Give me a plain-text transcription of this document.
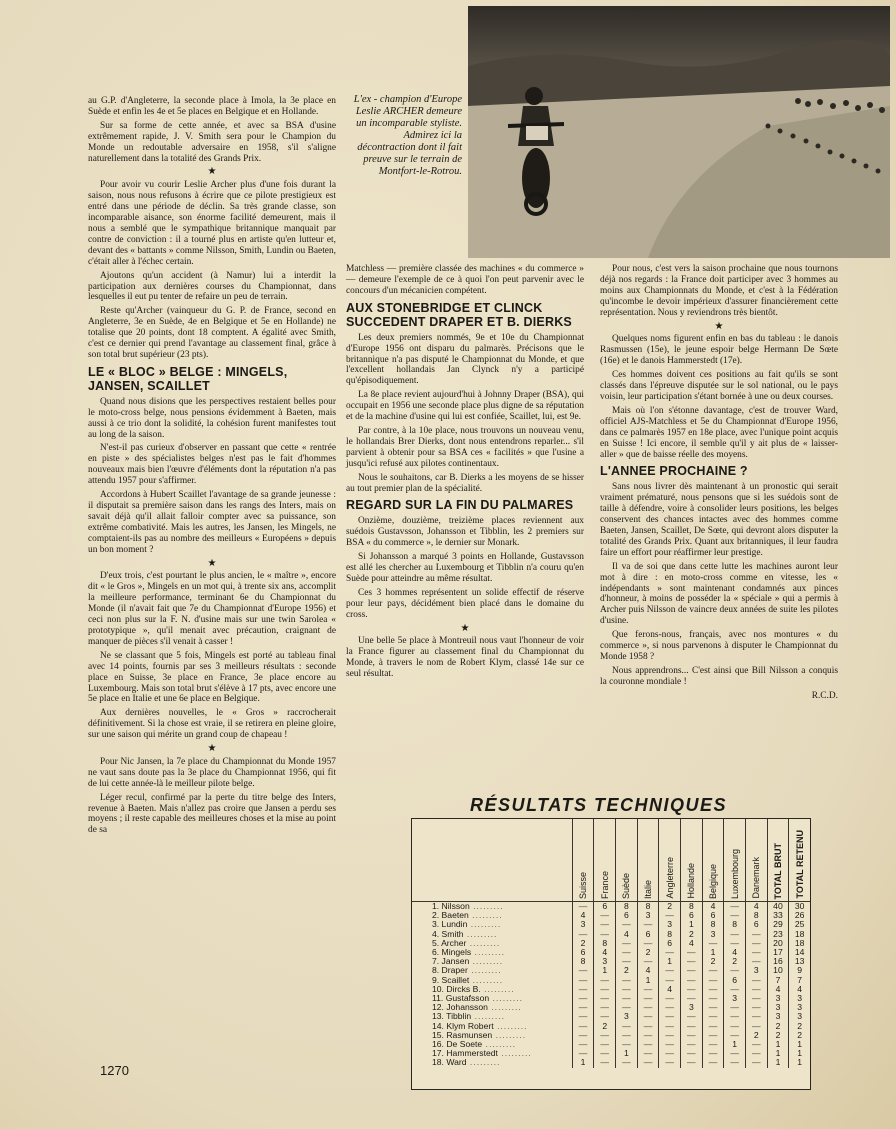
L'ex - champion d'Europe Leslie ARCHER demeure un incomparable styliste. Admirez ici la décontraction dont il fait preuve sur le terrain de Montfort-le-Rotrou.

au G.P. d'Angleterre, la seconde place à Imola, la 3e place en Suède et enfin les 4e et 5e places en Belgique et en Hollande.

Sur sa forme de cette année, et avec sa BSA d'usine extrêmement rapide, J. V. Smith sera pour le Champion du Monde un redoutable adversaire en 1958, s'il s'aligne naturellement dans la totalité des Grands Prix.

★

Pour avoir vu courir Leslie Archer plus d'une fois durant la saison, nous nous refusons à écrire que ce pilote prestigieux est entré dans une période de déclin. Sa très grande classe, son incomparable aisance, son énorme facilité demeurent, mais il nous a semblé que le sympathique britannique manquait par contre de conviction : il a tourné plus en artiste qu'en lutteur et, devant des « battants » comme Nilsson, Smith, Lundin ou Baeten, c'était aller à l'échec certain.

Ajoutons qu'un accident (à Namur) lui a interdit la participation aux dernières courses du Championnat, dans lesquelles il eut pu tenter de refaire un peu de terrain.

Reste qu'Archer (vainqueur du G. P. de France, second en Angleterre, 3e en Suède, 4e en Belgique et 5e en Hollande) ne totalise que 20 points, dont 18 comptent. A égalité avec Smith, c'est ce dernier qui prend l'avantage au classement final, grâce à son total brut supérieur (23 pts).

LE « BLOC » BELGE : MINGELS, JANSEN, SCAILLET

Quand nous disions que les perspectives restaient belles pour le moto-cross belge, nous pensions évidemment à Baeten, mais aussi à ce trio dont la solidité, la cohésion furent manifestes tout au long de la saison.

N'est-il pas curieux d'observer en passant que cette « rentrée en piste » des spécialistes belges n'est pas le fait d'hommes nouveaux mais bien l'œuvre d'éléments dont la réputation n'a pas attendu 1957 pour s'affirmer.

Accordons à Hubert Scaillet l'avantage de sa grande jeunesse : il disputait sa première saison dans les rangs des Inters, mais on savait déjà qu'il allait falloir compter avec sa puissance, son extrême combativité. Mais les autres, les Jansen, les Mingels, ne comptaient-ils pas au nombre des meilleurs « Européens » depuis un bon moment ?

★

D'eux trois, c'est pourtant le plus ancien, le « maître », encore dit « le Gros », Mingels en un mot qui, à trente six ans, accomplit la meilleure performance, terminant 6e du Championnat du Monde (il n'avait fait que 7e du Championnat d'Europe 1956) et ceci non plus sur la F. N. d'usine mais sur une twin Sarolea « prototypique », qu'il menait avec précaution, craignant de manquer de pièces s'il venait à casser !

Ne se classant que 5 fois, Mingels est porté au tableau final avec 14 points, fournis par ses 3 meilleurs résultats : seconde place en Suisse, 3e place en France, 3e place encore au Luxembourg. Mais son total brut s'élève à 17 pts, avec encore une 5e place en Italie et une 6e place en Belgique.

Aux dernières nouvelles, le « Gros » raccrocherait définitivement. Si la chose est vraie, il se retirera en pleine gloire, sur une saison qui mérite un grand coup de chapeau !

★

Pour Nic Jansen, la 7e place du Championnat du Monde 1957 ne vaut sans doute pas la 3e place du Championnat 1956, qui fit de lui cette année-là le meilleur pilote belge.

Léger recul, confirmé par la perte du titre belge des Inters, revenue à Baeten. Mais n'allez pas croire que Jansen a perdu ses moyens ; il reste capable des meilleures choses et la mise au point de sa

Matchless — première classée des machines « du commerce » — demeure l'exemple de ce à quoi l'on peut parvenir avec le concours d'un mécanicien compétent.

AUX STONEBRIDGE ET CLINCK SUCCEDENT DRAPER ET B. DIERKS

Les deux premiers nommés, 9e et 10e du Championnat d'Europe 1956 ont disparu du palmarès. Précisons que le britannique n'a pas disputé le Championnat du Monde, et que l'excellent hollandais Jan Clynck n'y a participé qu'épisodiquement.

La 8e place revient aujourd'hui à Johnny Draper (BSA), qui occupait en 1956 une seconde place plus digne de sa réputation et de la machine d'usine qui lui est confiée, Scaillet, lui, est 9e.

Par contre, à la 10e place, nous trouvons un nouveau venu, le hollandais Brer Dierks, dont nous entendrons reparler... s'il parvient à obtenir pour sa BSA ces « facilités » que l'usine a jusqu'ici refusé aux pilotes continentaux.

Nous le souhaitons, car B. Dierks a les moyens de se hisser au tout premier plan de la spécialité.

REGARD SUR LA FIN DU PALMARES

Onzième, douzième, treizième places reviennent aux suédois Gustavsson, Johansson et Tibblin, les 2 premiers sur BSA « du commerce », le dernier sur Monark.

Si Johansson a marqué 3 points en Hollande, Gustavsson est allé les chercher au Luxembourg et Tibblin n'a couru qu'en Suède pour atteindre au même résultat.

Ces 3 hommes représentent un solide effectif de réserve pour leur pays, décidément bien placé dans le domaine du cross.

★

Une belle 5e place à Montreuil nous vaut l'honneur de voir la France figurer au classement final du Championnat du Monde, à travers le nom de Robert Klym, classé 14e sur ce seul résultat.

Pour nous, c'est vers la saison prochaine que nous tournons déjà nos regards : la France doit participer avec 3 hommes au moins aux Championnats du Monde, et c'est à la Fédération qu'incombe le devoir impérieux d'assurer financièrement cette représentation. Nous y reviendrons très bientôt.

★

Quelques noms figurent enfin en bas du tableau : le danois Rasmussen (15e), le jeune espoir belge Hermann De Sœte (16e) et le danois Hammerstedt (17e).

Ces hommes doivent ces positions au fait qu'ils se sont classés dans l'épreuve disputée sur le sol national, ou le pays voisin, leur participation s'étant bornée à une ou deux courses.

Mais où l'on s'étonne davantage, c'est de trouver Ward, officiel AJS-Matchless et 5e du Championnat d'Europe 1956, dans ce palmarès 1957 en 18e place, avec l'unique point acquis en Suisse ! Ici encore, il semble qu'il y ait plus de « laisser-aller » que de baisse réelle des moyens.

L'ANNEE PROCHAINE ?

Sans nous livrer dès maintenant à un pronostic qui serait vraiment prématuré, nous pensons que si les suédois sont de taille à défendre, voire à consolider leurs positions, les belges conservent des chances intactes avec des hommes comme Baeten, Jansen, Scaillet, De Sœte, qui devront alors disputer la totalité des Grands Prix. Quant aux britanniques, il leur faudra faire un effort pour réaffirmer leur prestige.

Il va de soi que dans cette lutte les machines auront leur mot à dire : en moto-cross comme en vitesse, les « indépendants » sont maintenant condamnés aux pinces d'honneur, à moins de posséder la « spéciale » qui a permis à Archer puis Nilsson de vaincre deux années de suite les pilotes d'usine.

Que ferons-nous, français, avec nos montures « du commerce », si nous parvenons à disputer le Championnat du Monde 1958 ?

Nous apprendrons... C'est ainsi que Bill Nilsson a conquis la couronne mondiale !

R.C.D.

RÉSULTATS TECHNIQUES
	Suisse	France	Suède	Italie	Angleterre	Hollande	Belgique	Luxembourg	Danemark	TOTAL BRUT	TOTAL RETENU
1. Nilsson .........	—	6	8	8	2	8	4	—	4	40	30
2. Baeten .........	4	—	6	3	—	6	6	—	8	33	26
3. Lundin .........	3	—	—	—	3	1	8	8	6	29	25
4. Smith .........	—	—	4	6	8	2	3	—	—	23	18
5. Archer .........	2	8	—	—	6	4	—	—	—	20	18
6. Mingels .........	6	4	—	2	—	—	1	4	—	17	14
7. Jansen .........	8	3	—	—	1	—	2	2	—	16	13
8. Draper .........	—	1	2	4	—	—	—	—	3	10	9
9. Scaillet .........	—	—	—	1	—	—	—	6	—	7	7
10. Dircks B. .........	—	—	—	—	4	—	—	—	—	4	4
11. Gustafsson .........	—	—	—	—	—	—	—	3	—	3	3
12. Johansson .........	—	—	—	—	—	3	—	—	—	3	3
13. Tibblin .........	—	—	3	—	—	—	—	—	—	3	3
14. Klym Robert .........	—	2	—	—	—	—	—	—	—	2	2
15. Rasmunsen .........	—	—	—	—	—	—	—	—	2	2	2
16. De Soete .........	—	—	—	—	—	—	—	1	—	1	1
17. Hammerstedt .........	—	—	1	—	—	—	—	—	—	1	1
18. Ward .........	1	—	—	—	—	—	—	—	—	1	1
1270
